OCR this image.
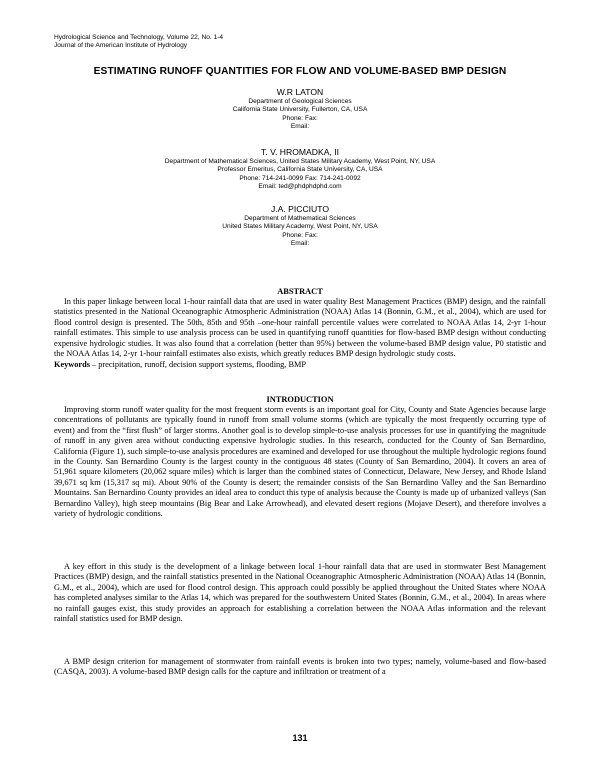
Hydrological Science and Technology, Volume 22, No. 1-4
Journal of the American Institute of Hydrology
ESTIMATING RUNOFF QUANTITIES FOR FLOW AND VOLUME-BASED BMP DESIGN
W.R LATON
Department of Geological Sciences
California State University, Fullerton, CA, USA
Phone: Fax:
Email:
T. V. HROMADKA, II
Department of Mathematical Sciences, United States Military Academy, West Point, NY, USA
Professor Emeritus, California State University, CA, USA
Phone: 714-241-0099 Fax: 714-241-0092
Email: ted@phdphdphd.com
J.A. PICCIUTO
Department of Mathematical Sciences
United States Military Academy, West Point, NY, USA
Phone: Fax:
Email:
ABSTRACT

In this paper linkage between local 1-hour rainfall data that are used in water quality Best Management Practices (BMP) design, and the rainfall statistics presented in the National Oceanographic Atmospheric Administration (NOAA) Atlas 14 (Bonnin, G.M., et al., 2004), which are used for flood control design is presented. The 50th, 85th and 95th –one-hour rainfall percentile values were correlated to NOAA Atlas 14, 2-yr 1-hour rainfall estimates. This simple to use analysis process can be used in quantifying runoff quantities for flow-based BMP design without conducting expensive hydrologic studies. It was also found that a correlation (better than 95%) between the volume-based BMP design value, P0 statistic and the NOAA Atlas 14, 2-yr 1-hour rainfall estimates also exists, which greatly reduces BMP design hydrologic study costs.

Keywords – precipitation, runoff, decision support systems, flooding, BMP
INTRODUCTION

Improving storm runoff water quality for the most frequent storm events is an important goal for City, County and State Agencies because large concentrations of pollutants are typically found in runoff from small volume storms (which are typically the most frequently occurring type of event) and from the “first flush” of larger storms. Another goal is to develop simple-to-use analysis processes for use in quantifying the magnitude of runoff in any given area without conducting expensive hydrologic studies. In this research, conducted for the County of San Bernardino, California (Figure 1), such simple-to-use analysis procedures are examined and developed for use throughout the multiple hydrologic regions found in the County. San Bernardino County is the largest county in the contiguous 48 states (County of San Bernardino, 2004). It covers an area of 51,961 square kilometers (20,062 square miles) which is larger than the combined states of Connecticut, Delaware, New Jersey, and Rhode Island 39,671 sq km (15,317 sq mi). About 90% of the County is desert; the remainder consists of the San Bernardino Valley and the San Bernardino Mountains. San Bernardino County provides an ideal area to conduct this type of analysis because the County is made up of urbanized valleys (San Bernardino Valley), high steep mountains (Big Bear and Lake Arrowhead), and elevated desert regions (Mojave Desert), and therefore involves a variety of hydrologic conditions.

A key effort in this study is the development of a linkage between local 1-hour rainfall data that are used in stormwater Best Management Practices (BMP) design, and the rainfall statistics presented in the National Oceanographic Atmospheric Administration (NOAA) Atlas 14 (Bonnin, G.M., et al., 2004), which are used for flood control design. This approach could possibly be applied throughout the United States where NOAA has completed analyses similar to the Atlas 14, which was prepared for the southwestern United States (Bonnin, G.M., et al., 2004). In areas where no rainfall gauges exist, this study provides an approach for establishing a correlation between the NOAA Atlas information and the relevant rainfall statistics used for BMP design.

A BMP design criterion for management of stormwater from rainfall events is broken into two types; namely, volume-based and flow-based (CASQA, 2003). A volume-based BMP design calls for the capture and infiltration or treatment of a

131
